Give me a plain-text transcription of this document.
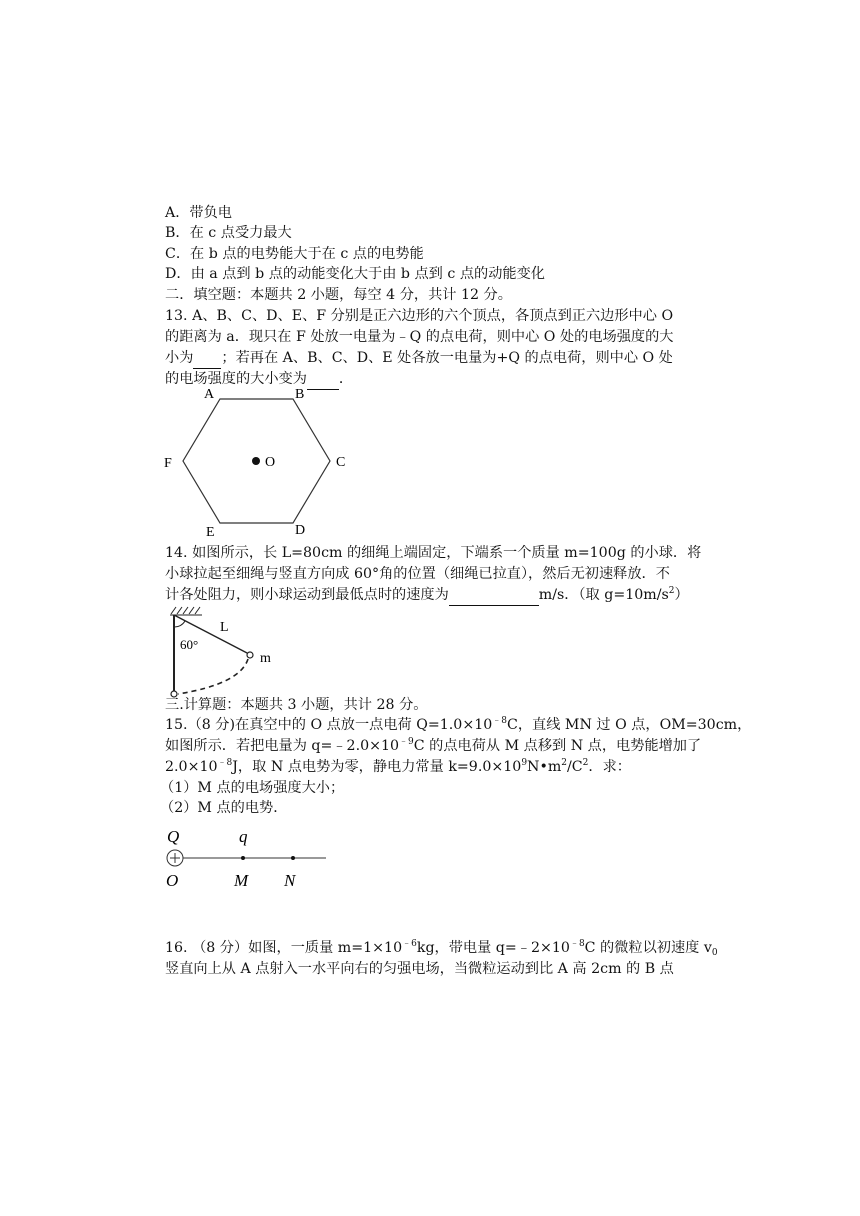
A．带负电
B．在 c 点受力最大
C．在 b 点的电势能大于在 c 点的电势能
D．由 a 点到 b 点的动能变化大于由 b 点到 c 点的动能变化
二．填空题：本题共 2 小题，每空 4 分，共计 12 分。
13. A、B、C、D、E、F 分别是正六边形的六个顶点，各顶点到正六边形中心 O
的距离为 a．现只在 F 处放一电量为﹣Q 的点电荷，则中心 O 处的电场强度的大
小为 ；若再在 A、B、C、D、E 处各放一电量为+Q 的点电荷，则中心 O 处
的电场强度的大小变为 ．
A	B
C
D
E
F	O
14. 如图所示，长 L=80cm 的细绳上端固定，下端系一个质量 m=100g 的小球．将
小球拉起至细绳与竖直方向成 60°角的位置（细绳已拉直），然后无初速释放．不
计各处阻力，则小球运动到最低点时的速度为	m/s．（取 $g=10m/s^2$）
L
60°
m
三.计算题：本题共 3 小题，共计 28 分。
15.（8 分)在真空中的 O 点放一点电荷 $Q=1.0\times 10^{﹣8}C$，直线 MN 过 O 点，OM=30cm，
如图所示．若把电量为 $q=﹣2.0\times 10^{﹣9}C$ 的点电荷从 M 点移到 N 点，电势能增加了
$2.0\times 10^{﹣8}J$，取 N 点电势为零，静电力常量 $k=9.0\times 10^9N•m^2/C^2$．求：
（1）M 点的电场强度大小；
（2）M 点的电势．
Q	q
O	M N
16. （8 分）如图，一质量 $m=1\times 10^{﹣6}kg$，带电量 $q=﹣2\times 10^{﹣8}C$ 的微粒以初速度 $v_0$
竖直向上从 A 点射入一水平向右的匀强电场，当微粒运动到比 A 高 2cm 的 B 点
